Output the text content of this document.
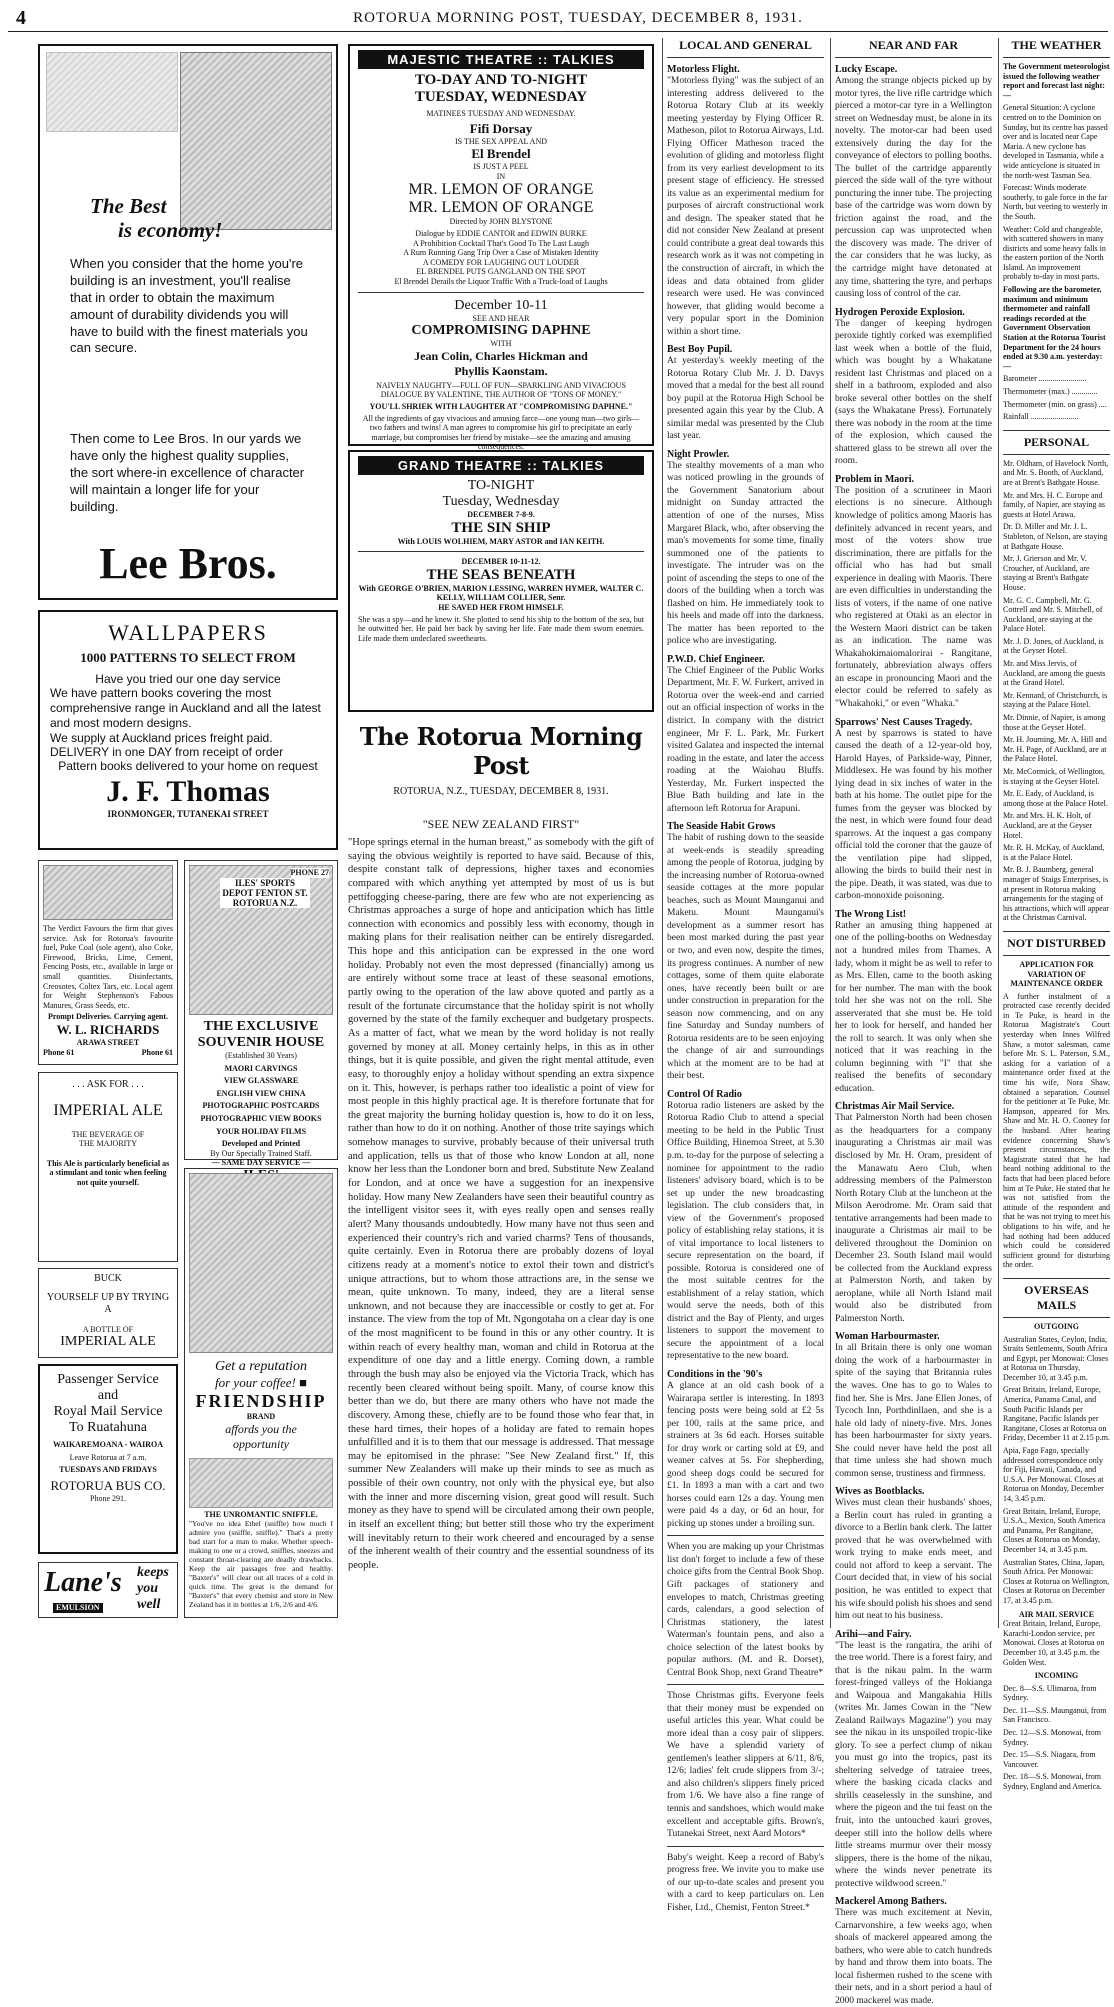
4	ROTORUA MORNING POST, TUESDAY, DECEMBER 8, 1931.
The Best
is economy!
When you consider that the home you're building is an investment, you'll realise that in order to obtain the maximum amount of durability dividends you will have to build with the finest materials you can secure.
Then come to Lee Bros. In our yards we have only the highest quality supplies, the sort where-in excellence of character will maintain a longer life for your building.
Lee Bros.
WALLPAPERS
1000 PATTERNS TO SELECT FROM
Have you tried our one day service
We have pattern books covering the most comprehensive range in Auckland and all the latest and most modern designs.
We supply at Auckland prices freight paid.
DELIVERY in one DAY from receipt of order
Pattern books delivered to your home on request
J. F. Thomas
IRONMONGER, TUTANEKAI STREET
The Verdict Favours the firm that gives service. Ask for Rotorua's favourite fuel, Puke Coal (sole agent), also Coke, Firewood, Bricks, Lime, Cement, Fencing Posts, etc., available in large or small quantities. Disinfectants, Creosotes, Coltex Tars, etc. Local agent for Weight Stephenson's Fabous Manures, Grass Seeds, etc.
Prompt Deliveries. Carrying agent.
W. L. RICHARDS
ARAWA STREET
Phone 61	Phone 61
PHONE 27
ILES' SPORTS DEPOT FENTON ST. ROTORUA N.Z.
THE EXCLUSIVE
SOUVENIR HOUSE
(Established 30 Years)
MAORI CARVINGS
VIEW GLASSWARE
ENGLISH VIEW CHINA
PHOTOGRAPHIC POSTCARDS
PHOTOGRAPHIC VIEW BOOKS
YOUR HOLIDAY FILMS
Developed and Printed
By Our Specially Trained Staff.
— SAME DAY SERVICE —
. . . ASK FOR . . .
IMPERIAL ALE
THE BEVERAGE OF THE MAJORITY
This Ale is particularly beneficial as a stimulant and tonic when feeling not quite yourself.
BUCK
YOURSELF UP BY TRYING A
A BOTTLE OF
IMPERIAL ALE
Passenger Service
and
Royal Mail Service
To Ruatahuna
WAIKAREMOANA - WAIROA
Leave Rotorua at 7 a.m.
TUESDAYS AND FRIDAYS
ROTORUA BUS CO.
Phone 291.
Lane's
EMULSION
keeps
you
well
Get a reputation
for your coffee! ■
FRIENDSHIP
BRAND
affords you the
opportunity
THE UNROMANTIC SNIFFLE.
"You've no idea Ethel (sniffle) how much I admire you (sniffle, sniffle)." That's a pretty bad start for a man to make. Whether speech-making to one or a crowd, sniffles, sneezes and constant throat-clearing are deadly drawbacks. Keep the air passages free and healthy. "Baxter's" will clear out all traces of a cold in quick time. The great is the demand for "Baxter's" that every chemist and store in New Zealand has it in bottles at 1/6, 2/6 and 4/6.
MAJESTIC THEATRE :: TALKIES
TO-DAY AND TO-NIGHT
TUESDAY, WEDNESDAY
MATINEES TUESDAY AND WEDNESDAY.
Fifi Dorsay
IS THE SEX APPEAL AND
El Brendel
IS JUST A PEEL
IN
MR. LEMON OF ORANGE
MR. LEMON OF ORANGE
Directed by JOHN BLYSTONE
Dialogue by EDDIE CANTOR and EDWIN BURKE
A Prohibition Cocktail That's Good To The Last Laugh
A Rum Running Gang Trip Over a Case of Mistaken Identity
A COMEDY FOR LAUGHING OUT LOUDER
EL BRENDEL PUTS GANGLAND ON THE SPOT
El Brendel Derails the Liquor Traffic With a Truck-load of Laughs
December 10-11
SEE AND HEAR
COMPROMISING DAPHNE
WITH
Jean Colin, Charles Hickman and
Phyllis Kaonstam.
NAIVELY NAUGHTY—FULL OF FUN—SPARKLING AND VIVACIOUS DIALOGUE BY VALENTINE, THE AUTHOR OF "TONS OF MONEY."
YOU'LL SHRIEK WITH LAUGHTER AT "COMPROMISING DAPHNE."
All the ingredients of gay vivacious and amusing farce—one young man—two girls—two fathers and twins! A man agrees to compromise his girl to precipitate an early marriage, but compromises her friend by mistake—see the amazing and amusing consequences.
GRAND THEATRE :: TALKIES
TO-NIGHT
Tuesday, Wednesday
DECEMBER 7-8-9.
THE SIN SHIP
With LOUIS WOLHIEM, MARY ASTOR and IAN KEITH.
DECEMBER 10-11-12.
THE SEAS BENEATH
With GEORGE O'BRIEN, MARION LESSING, WARREN HYMER, WALTER C. KELLY, WILLIAM COLLIER, Senr.
HE SAVED HER FROM HIMSELF.
She was a spy—and he knew it. She plotted to send his ship to the bottom of the sea, but he outwitted her. He paid her back by saving her life. Fate made them sworn enemies. Life made them undeclared sweethearts.
The Rotorua Morning Post
ROTORUA, N.Z., TUESDAY, DECEMBER 8, 1931.
"SEE NEW ZEALAND FIRST"
"Hope springs eternal in the human breast," as somebody with the gift of saying the obvious weightily is reported to have said. Because of this, despite constant talk of depressions, higher taxes and economies compared with which anything yet attempted by most of us is but pettifogging cheese-paring, there are few who are not experiencing as Christmas approaches a surge of hope and anticipation which has little connection with economics and possibly less with economy, though in making plans for their realisation neither can be entirely disregarded. This hope and this anticipation can be expressed in the one word holiday. Probably not even the most depressed (financially) among us are entirely without some trace at least of these seasonal emotions, partly owing to the operation of the law above quoted and partly as a result of the fortunate circumstance that the holiday spirit is not wholly governed by the state of the family exchequer and budgetary prospects. As a matter of fact, what we mean by the word holiday is not really governed by money at all. Money certainly helps, in this as in other things, but it is quite possible, and given the right mental attitude, even easy, to thoroughly enjoy a holiday without spending an extra sixpence on it. This, however, is perhaps rather too idealistic a point of view for most people in this highly practical age. It is therefore fortunate that for the great majority the burning holiday question is, how to do it on less, rather than how to do it on nothing. Another of those trite sayings which somehow manages to survive, probably because of their universal truth and application, tells us that of those who know London at all, none know her less than the Londoner born and bred. Substitute New Zealand for London, and at once we have a suggestion for an inexpensive holiday. How many New Zealanders have seen their beautiful country as the intelligent visitor sees it, with eyes really open and senses really alert? Many thousands undoubtedly. How many have not thus seen and experienced their country's rich and varied charms? Tens of thousands, quite certainly. Even in Rotorua there are probably dozens of loyal citizens ready at a moment's notice to extol their town and district's unique attractions, but to whom those attractions are, in the sense we mean, quite unknown. To many, indeed, they are a literal sense unknown, and not because they are inaccessible or costly to get at. For instance. The view from the top of Mt. Ngongotaha on a clear day is one of the most magnificent to be found in this or any other country. It is within reach of every healthy man, woman and child in Rotorua at the expenditure of one day and a little energy. Coming down, a ramble through the bush may also be enjoyed via the Victoria Track, which has recently been cleared without being spoilt. Many, of course know this better than we do, but there are many others who have not made the discovery. Among these, chiefly are to be found those who fear that, in these hard times, their hopes of a holiday are fated to remain hopes unfulfilled and it is to them that our message is addressed. That message may be epitomised in the phrase: "See New Zealand first." If, this summer New Zealanders will make up their minds to see as much as possible of their own country, not only with the physical eye, but also with the inner and more discerning vision, great good will result. Such money as they have to spend will be circulated among their own people, in itself an excellent thing; but better still those who try the experiment will inevitably return to their work cheered and encouraged by a sense of the inherent wealth of their country and the essential soundness of its people.
LOCAL AND GENERAL
Motorless Flight.
"Motorless flying" was the subject of an interesting address delivered to the Rotorua Rotary Club at its weekly meeting yesterday by Flying Officer R. Matheson, pilot to Rotorua Airways, Ltd. Flying Officer Matheson traced the evolution of gliding and motorless flight from its very earliest development to its present stage of efficiency. He stressed its value as an experimental medium for purposes of aircraft constructional work and design. The speaker stated that he did not consider New Zealand at present could contribute a great deal towards this research work as it was not competing in the construction of aircraft, in which the ideas and data obtained from glider research were used. He was convinced however, that gliding would become a very popular sport in the Dominion within a short time.
Best Boy Pupil.
At yesterday's weekly meeting of the Rotorua Rotary Club Mr. J. D. Davys moved that a medal for the best all round boy pupil at the Rotorua High School be presented again this year by the Club. A similar medal was presented by the Club last year.
Night Prowler.
The stealthy movements of a man who was noticed prowling in the grounds of the Government Sanatorium about midnight on Sunday attracted the attention of one of the nurses, Miss Margaret Black, who, after observing the man's movements for some time, finally summoned one of the patients to investigate. The intruder was on the point of ascending the steps to one of the doors of the building when a torch was flashed on him. He immediately took to his heels and made off into the darkness. The matter has been reported to the police who are investigating.
P.W.D. Chief Engineer.
The Chief Engineer of the Public Works Department, Mr. F. W. Furkert, arrived in Rotorua over the week-end and carried out an official inspection of works in the district. In company with the district engineer, Mr F. L. Park, Mr. Furkert visited Galatea and inspected the internal roading in the estate, and later the access roading at the Waiohau Bluffs. Yesterday, Mr. Furkert inspected the Blue Bath building and late in the afternoon left Rotorua for Arapuni.
The Seaside Habit Grows
The habit of rushing down to the seaside at week-ends is steadily spreading among the people of Rotorua, judging by the increasing number of Rotorua-owned seaside cottages at the more popular beaches, such as Mount Maunganui and Maketu. Mount Maunganui's development as a summer resort has been most marked during the past year or two, and even now, despite the times, its progress continues. A number of new cottages, some of them quite elaborate ones, have recently been built or are under construction in preparation for the season now commencing, and on any fine Saturday and Sunday numbers of Rotorua residents are to be seen enjoying the change of air and surroundings which at the moment are to be had at their best.
Control Of Radio
Rotorua radio listeners are asked by the Rotorua Radio Club to attend a special meeting to be held in the Public Trust Office Building, Hinemoa Street, at 5.30 p.m. to-day for the purpose of selecting a nominee for appointment to the radio listeners' advisory board, which is to be set up under the new broadcasting legislation. The club considers that, in view of the Government's proposed policy of establishing relay stations, it is of vital importance to local listeners to secure representation on the board, if possible. Rotorua is considered one of the most suitable centres for the establishment of a relay station, which would serve the needs, both of this district and the Bay of Plenty, and urges listeners to support the movement to secure the appointment of a local representative to the new board.
Conditions in the '90's
A glance at an old cash book of a Wairarapa settler is interesting. In 1893 fencing posts were being sold at £2 5s per 100, rails at the same price, and strainers at 3s 6d each. Horses suitable for dray work or carting sold at £9, and weaner calves at 5s. For shepherding, good sheep dogs could be secured for £1. In 1893 a man with a cart and two horses could earn 12s a day. Young men were paid 4s a day, or 6d an hour, for picking up stones under a broiling sun.
When you are making up your Christmas list don't forget to include a few of these choice gifts from the Central Book Shop. Gift packages of stationery and envelopes to match, Christmas greeting cards, calendars, a good selection of Christmas stationery, the latest Waterman's fountain pens, and also a choice selection of the latest books by popular authors. (M. and R. Dorset), Central Book Shop, next Grand Theatre*
Those Christmas gifts. Everyone feels that their money must be expended on useful articles this year. What could be more ideal than a cosy pair of slippers. We have a splendid variety of gentlemen's leather slippers at 6/11, 8/6, 12/6; ladies' felt crude slippers from 3/-; and also children's slippers finely priced from 1/6. We have also a fine range of tennis and sandshoes, which would make excellent and acceptable gifts. Brown's, Tutanekai Street, next Aard Motors*
Baby's weight. Keep a record of Baby's progress free. We invite you to make use of our up-to-date scales and present you with a card to keep particulars on. Len Fisher, Ltd., Chemist, Fenton Street.*
NEAR AND FAR
Lucky Escape.
Among the strange objects picked up by motor tyres, the live rifle cartridge which pierced a motor-car tyre in a Wellington street on Wednesday must, be alone in its novelty. The motor-car had been used extensively during the day for the conveyance of electors to polling booths. The bullet of the cartridge apparently pierced the side wall of the tyre without puncturing the inner tube. The projecting base of the cartridge was worn down by friction against the road, and the percussion cap was unprotected when the discovery was made. The driver of the car considers that he was lucky, as the cartridge might have detonated at any time, shattering the tyre, and perhaps causing loss of control of the car.
Hydrogen Peroxide Explosion.
The danger of keeping hydrogen peroxide tightly corked was exemplified last week when a bottle of the fluid, which was bought by a Whakatane resident last Christmas and placed on a shelf in a bathroom, exploded and also broke several other bottles on the shelf (says the Whakatane Press). Fortunately there was nobody in the room at the time of the explosion, which caused the shattered glass to be strewn all over the room.
Problem in Maori.
The position of a scrutineer in Maori elections is no sinecure. Although knowledge of politics among Maoris has definitely advanced in recent years, and most of the voters show true discrimination, there are pitfalls for the official who has had but small experience in dealing with Maoris. There are even difficulties in understanding the lists of voters, if the name of one native who registered at Otaki as an elector in the Western Maori district can be taken as an indication. The name was Whakahokimaiomalorirai - Rangitane, fortunately, abbreviation always offers an escape in pronouncing Maori and the elector could be referred to safely as "Whakahoki," or even "Whaka."
Sparrows' Nest Causes Tragedy.
A nest by sparrows is stated to have caused the death of a 12-year-old boy, Harold Hayes, of Parkside-way, Pinner, Middlesex. He was found by his mother lying dead in six inches of water in the bath at his home. The outlet pipe for the fumes from the geyser was blocked by the nest, in which were found four dead sparrows. At the inquest a gas company official told the coroner that the gauze of the ventilation pipe had slipped, allowing the birds to build their nest in the pipe. Death, it was stated, was due to carbon-monoxide poisoning.
The Wrong List!
Rather an amusing thing happened at one of the polling-booths on Wednesday not a hundred miles from Thames. A lady, whom it might be as well to refer to as Mrs. Ellen, came to the booth asking for her number. The man with the book told her she was not on the roll. She asserverated that she must be. He told her to look for herself, and handed her the roll to search. It was only when she noticed that it was reaching in the column beginning with "I" that she realised the benefits of secondary education.
Christmas Air Mail Service.
That Palmerston North had been chosen as the headquarters for a company inaugurating a Christmas air mail was disclosed by Mr. H. Oram, president of the Manawatu Aero Club, when addressing members of the Palmerston North Rotary Club at the luncheon at the Milson Aerodrome. Mr. Oram said that tentative arrangements had been made to inaugurate a Christmas air mail to be delivered throughout the Dominion on December 23. South Island mail would be collected from the Auckland express at Palmerston North, and taken by aeroplane, while all North Island mail would also be distributed from Palmerston North.
Woman Harbourmaster.
In all Britain there is only one woman doing the work of a harbourmaster in spite of the saying that Britannia rules the waves. One has to go to Wales to find her. She is Mrs. Jane Ellen Jones, of Tycoch Inn, Porthdinllaen, and she is a hale old lady of ninety-five. Mrs. Jones has been harbourmaster for sixty years. She could never have held the post all that time unless she had shown much common sense, trustiness and firmness.
Wives as Bootblacks.
Wives must clean their husbands' shoes, a Berlin court has ruled in granting a divorce to a Berlin bank clerk. The latter proved that he was overwhelmed with work trying to make ends meet, and could not afford to keep a servant. The Court decided that, in view of his social position, he was entitled to expect that his wife should polish his shoes and send him out neat to his business.
Arihi—and Fairy.
"The least is the rangatira, the arihi of the tree world. There is a forest fairy, and that is the nikau palm. In the warm forest-fringed valleys of the Hokianga and Waipoua and Mangakahia Hills (writes Mr. James Cowan in the "New Zealand Railways Magazine") you may see the nikau in its unspoiled tropic-like glory. To see a perfect clump of nikau you must go into the tropics, past its sheltering selvedge of tatraiee trees, where the basking cicada clacks and shrills ceaselessly in the sunshine, and where the pigeon and the tui feast on the fruit, into the untouched kauri groves, deeper still into the hollow dells where little streams murmur over their mossy slippers, there is the home of the nikau, where the winds never penetrate its protective wildwood screen."
Mackerel Among Bathers.
There was much excitement at Nevin, Carnarvonshire, a few weeks ago, when shoals of mackerel appeared among the bathers, who were able to catch hundreds by hand and throw them into boats. The local fishermen rushed to the scene with their nets, and in a short period a haul of 2000 mackerel was made.
THE WEATHER
The Government meteorologist issued the following weather report and forecast last night:—
General Situation: A cyclone centred on to the Dominion on Sunday, but its centre has passed over and is located near Cape Maria. A new cyclone has developed in Tasmania, while a wide anticyclone is situated in the north-west Tasman Sea.
Forecast: Winds moderate southerly, to gale force in the far North, but veering to westerly in the South.
Weather: Cold and changeable, with scattered showers in many districts and some heavy falls in the eastern portion of the North Island. An improvement probably to-day in most parts.
Following are the barometer, maximum and minimum thermometer and rainfall readings recorded at the Government Observation Station at the Rotorua Tourist Department for the 24 hours ended at 9.30 a.m. yesterday:—
Barometer ........................
Thermometer (max.) .............
Thermometer (min. on grass) ....
Rainfall ........................
PERSONAL
Mr. Oldham, of Havelock North, and Mr. S. Booth, of Auckland, are at Brent's Bathgate House.
Mr. and Mrs. H. C. Europe and family, of Napier, are staying as guests at Hotel Arawa.
Dr. D. Miller and Mr. J. L. Stableton, of Nelson, are staying at Bathgate House.
Mr. J. Grierson and Mr. V. Croucher, of Auckland, are staying at Brent's Bathgate House.
Mr. G. C. Campbell, Mr. G. Cottrell and Mr. S. Mitchell, of Auckland, are staying at the Palace Hotel.
Mr. J. D. Jones, of Auckland, is at the Geyser Hotel.
Mr. and Miss Jervis, of Auckland, are among the guests at the Grand Hotel.
Mr. Kennard, of Christchurch, is staying at the Palace Hotel.
Mr. Dinnie, of Napier, is among those at the Geyser Hotel.
Mr. H. Journing, Mr. A. Hill and Mr. H. Page, of Auckland, are at the Palace Hotel.
Mr. McCormick, of Wellington, is staying at the Geyser Hotel.
Mr. E. Eady, of Auckland, is among those at the Palace Hotel.
Mr. and Mrs. H. K. Holt, of Auckland, are at the Geyser Hotel.
Mr. R. H. McKay, of Auckland, is at the Palace Hotel.
Mr. B. J. Baumberg, general manager of Staigs Enterprises, is at present in Rotorua making arrangements for the staging of his attractions, which will appear at the Christmas Carnival.
NOT DISTURBED
APPLICATION FOR VARIATION OF MAINTENANCE ORDER
A further instalment of a protracted case recently decided in Te Puke, is heard in the Rotorua Magistrate's Court yesterday when Innes Wilfred Shaw, a motor salesman, came before Mr. S. L. Paterson, S.M., asking for a variation of a maintenance order fixed at the time his wife, Nora Shaw, obtained a separation. Counsel for the petitioner at Te Puke, Mr. Hampson, appeared for Mrs. Shaw and Mr. H. O. Cooney for the husband. After hearing evidence concerning Shaw's present circumstances, the Magistrate stated that he had heard nothing additional to the facts that had been placed before him at Te Puke. He stated that he was not satisfied from the attitude of the respondent and that he was not trying to meet his obligations to his wife, and he had nothing had been adduced which could be considered sufficient ground for disturbing the order.
OVERSEAS MAILS
OUTGOING
Australian States, Ceylon, India, Straits Settlements, South Africa and Egypt, per Monowai: Closes at Rotorua on Thursday, December 10, at 3.45 p.m.
Great Britain, Ireland, Europe, America, Panama Canal, and South Pacific Islands per Rangitane, Pacific Islands per Rangitane, Closes at Rotorua on Friday, December 11 at 2.15 p.m.
Apia, Fago Fago, specially addressed correspondence only for Fiji, Hawaii, Canada, and U.S.A. Per Monowai. Closes at Rotorua on Monday, December 14, 3.45 p.m.
Great Britain, Ireland, Europe, U.S.A., Mexico, South America and Panama, Per Rangitane, Closes at Rotorua on Monday, December 14, at 3.45 p.m.
Australian States, China, Japan, South Africa. Per Monowai: Closes at Rotorua on Wellington, Closes at Rotorua on December 17, at 3.45 p.m.
AIR MAIL SERVICE
Great Britain, Ireland, Europe, Karachi-London service, per Monowai. Closes at Rotorua on December 10, at 3.45 p.m. the Golden West.
INCOMING
Dec. 8—S.S. Ulimaroa, from Sydney.
Dec. 11—S.S. Maunganui, from San Francisco.
Dec. 12—S.S. Monowai, from Sydney.
Dec. 15—S.S. Niagara, from Vancouver.
Dec. 18—S.S. Monowai, from Sydney, England and America.
